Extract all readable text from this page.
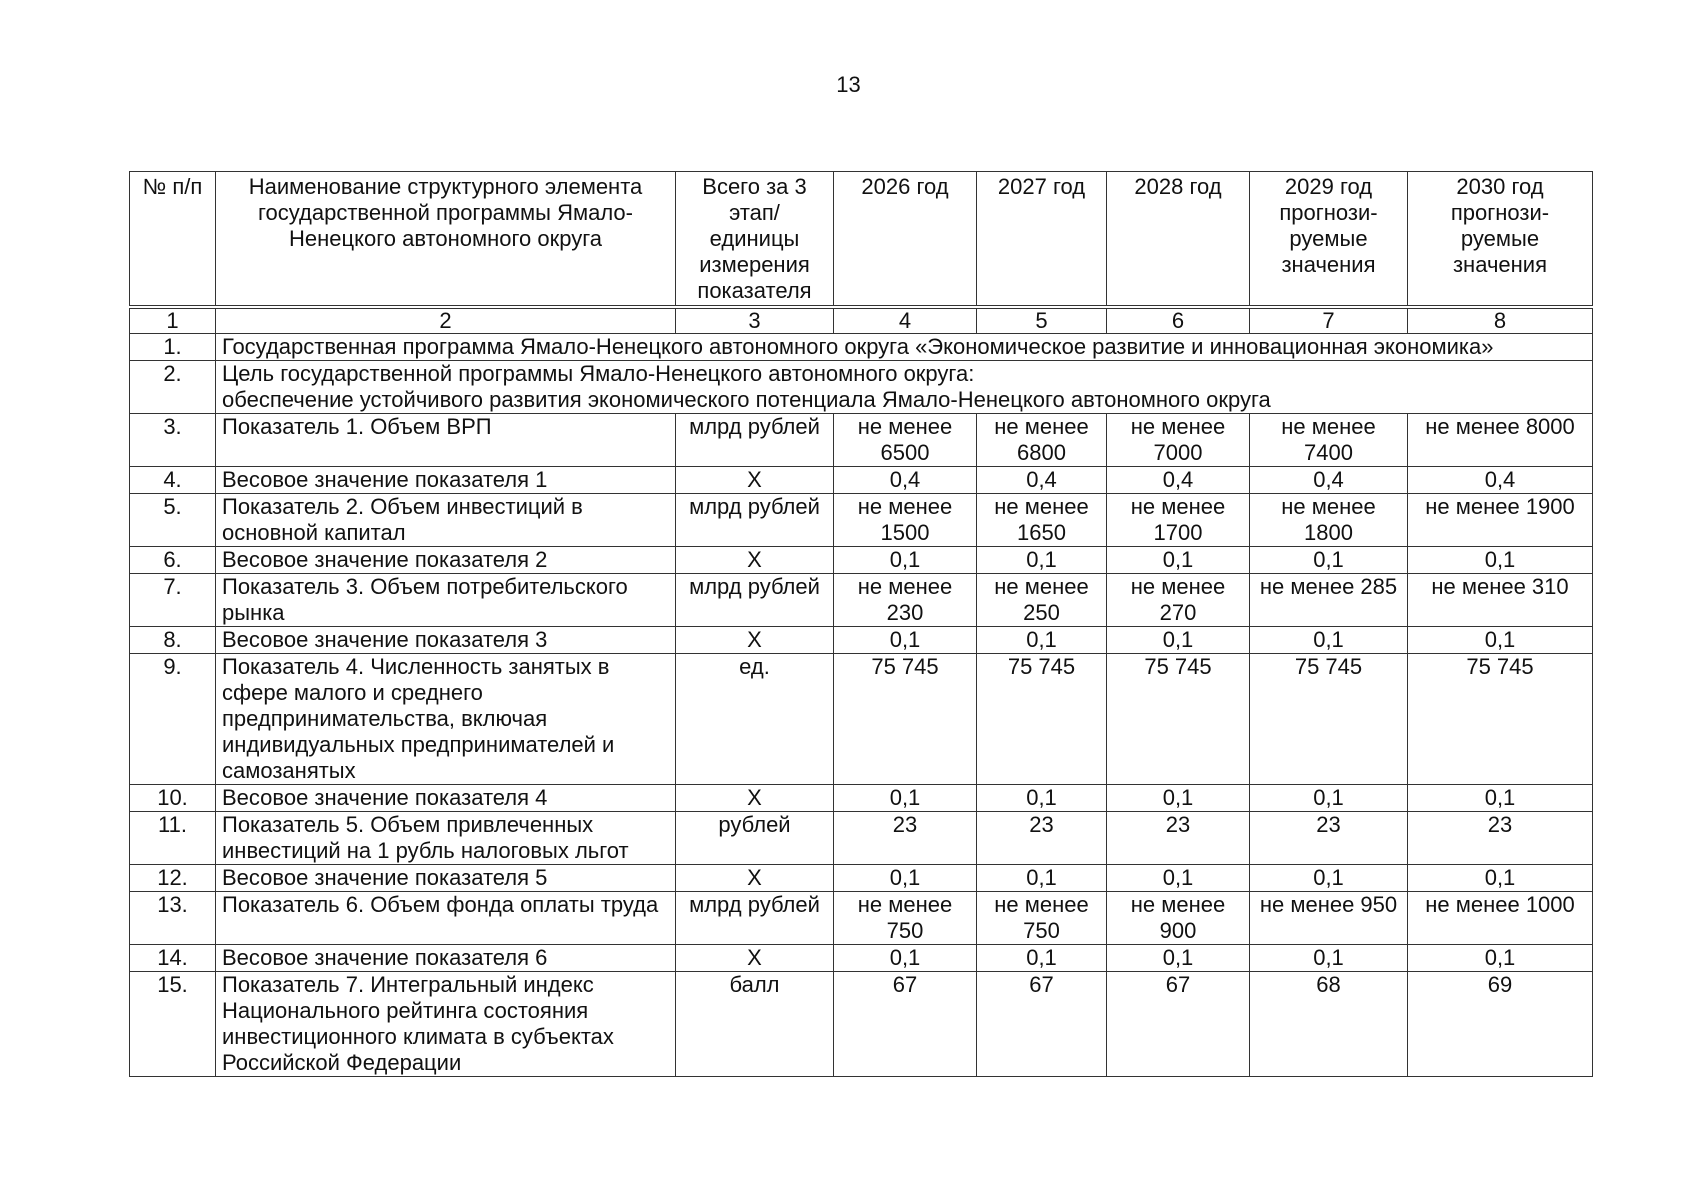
13
№ п/п	Наименование структурного элемента государственной программы Ямало-Ненецкого автономного округа	Всего за 3 этап/ единицы измерения показателя	2026 год	2027 год	2028 год	2029 год прогнози-руемые значения	2030 год прогнози-руемые значения
1	2	3	4	5	6	7	8
1.	Государственная программа Ямало-Ненецкого автономного округа «Экономическое развитие и инновационная экономика»						
2.	Цель государственной программы Ямало-Ненецкого автономного округа:
обеспечение устойчивого развития экономического потенциала Ямало-Ненецкого автономного округа						

3.	Показатель 1. Объем ВРП	млрд рублей	не менее 6500	не менее 6800	не менее 7000	не менее 7400	не менее 8000
4.	Весовое значение показателя 1	Х	0,4	0,4	0,4	0,4	0,4
5.	Показатель 2. Объем инвестиций в основной капитал	млрд рублей	не менее 1500	не менее 1650	не менее 1700	не менее 1800	не менее 1900
6.	Весовое значение показателя 2	Х	0,1	0,1	0,1	0,1	0,1
7.	Показатель 3. Объем потребительского рынка	млрд рублей	не менее 230	не менее 250	не менее 270	не менее 285	не менее 310
8.	Весовое значение показателя 3	Х	0,1	0,1	0,1	0,1	0,1
9.	Показатель 4. Численность занятых в сфере малого и среднего предпринимательства, включая индивидуальных предпринимателей и самозанятых	ед.	75 745	75 745	75 745	75 745	75 745
10.	Весовое значение показателя 4	Х	0,1	0,1	0,1	0,1	0,1
11.	Показатель 5. Объем привлеченных инвестиций на 1 рубль налоговых льгот	рублей	23	23	23	23	23
12.	Весовое значение показателя 5	Х	0,1	0,1	0,1	0,1	0,1
13.	Показатель 6. Объем фонда оплаты труда	млрд рублей	не менее 750	не менее 750	не менее 900	не менее 950	не менее 1000
14.	Весовое значение показателя 6	Х	0,1	0,1	0,1	0,1	0,1
15.	Показатель 7. Интегральный индекс Национального рейтинга состояния инвестиционного климата в субъектах Российской Федерации	балл	67	67	67	68	69
